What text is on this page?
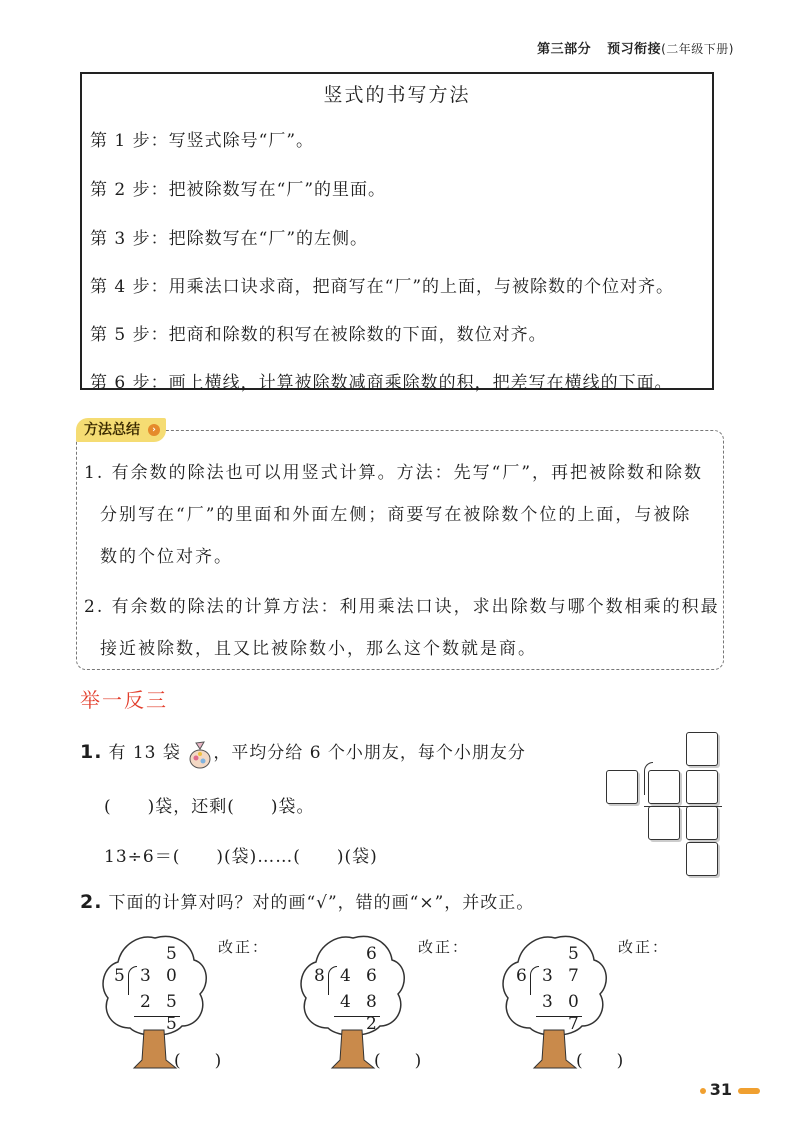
第三部分 预习衔接(二年级下册)
竖式的书写方法
第 1 步：写竖式除号“厂”。
第 2 步：把被除数写在“厂”的里面。
第 3 步：把除数写在“厂”的左侧。
第 4 步：用乘法口诀求商，把商写在“厂”的上面，与被除数的个位对齐。
第 5 步：把商和除数的积写在被除数的下面，数位对齐。
第 6 步：画上横线，计算被除数减商乘除数的积，把差写在横线的下面。
方法总结	›
1. 有余数的除法也可以用竖式计算。方法：先写“厂”，再把被除数和除数
分别写在“厂”的里面和外面左侧；商要写在被除数个位的上面，与被除
数的个位对齐。
2. 有余数的除法的计算方法：利用乘法口诀，求出除数与哪个数相乘的积最
接近被除数，且又比被除数小，那么这个数就是商。
举一反三
1. 有 13 袋 ，平均分给 6 个小朋友，每个小朋友分
(　　)袋，还剩(　　)袋。
13÷6＝(　　)(袋)……(　　)(袋)
2. 下面的计算对吗？对的画“√”，错的画“×”，并改正。
5
5 3 0
2 5
5
改正：
(　　)
6
8 4 6
4 8
2
改正：
(　　)
5
6 3 7
3 0
7
改正：
(　　)
31
